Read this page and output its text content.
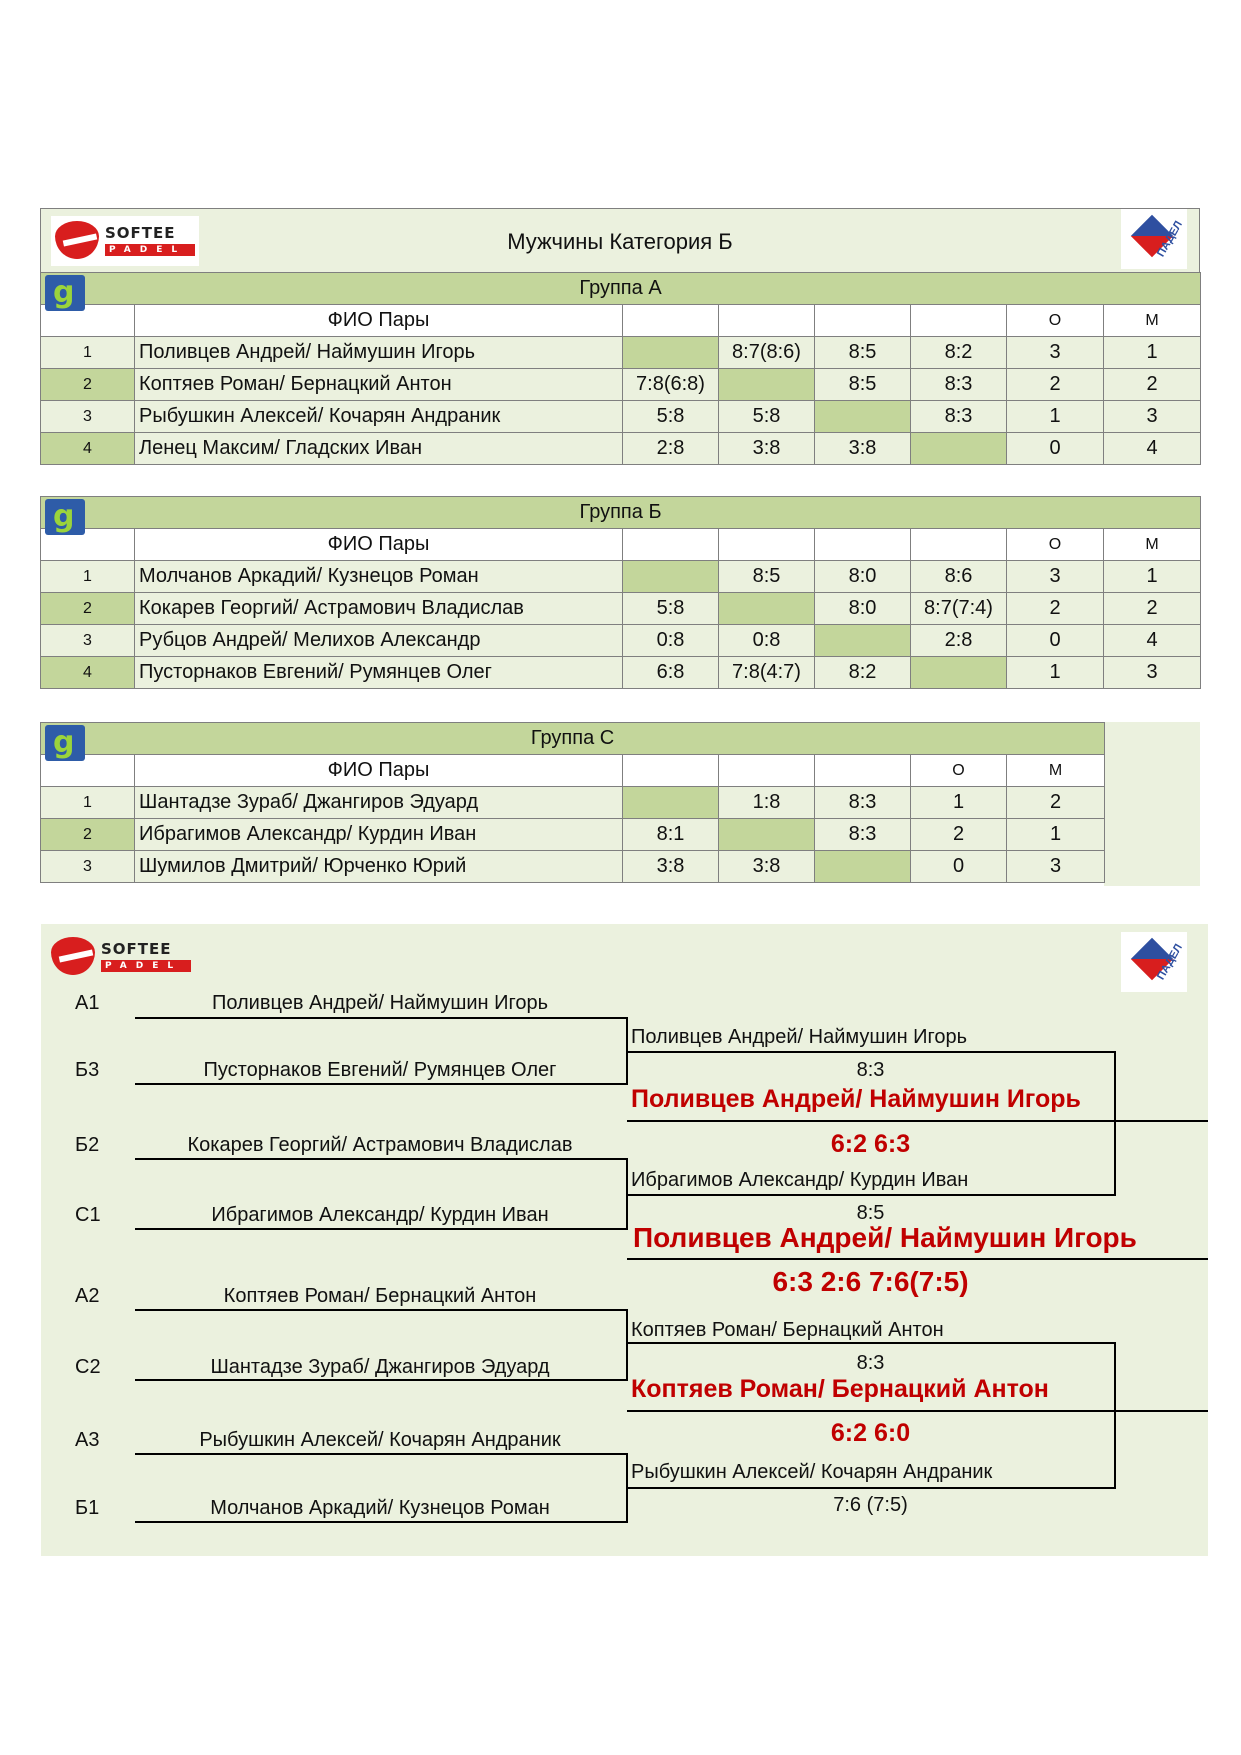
SOFTEE
PADEL	Мужчины Категория Б	ПАДЕЛ
Группа А							
	ФИО Пары					О	М
1	Поливцев Андрей/ Наймушин Игорь		8:7(8:6)	8:5	8:2	3	1
2	Коптяев Роман/ Бернацкий Антон	7:8(6:8)		8:5	8:3	2	2
3	Рыбушкин Алексей/ Кочарян Андраник	5:8	5:8		8:3	1	3
4	Ленец Максим/ Гладских Иван	2:8	3:8	3:8		0	4
g
Группа Б							
	ФИО Пары					О	М
1	Молчанов Аркадий/ Кузнецов Роман		8:5	8:0	8:6	3	1
2	Кокарев Георгий/ Астрамович Владислав	5:8		8:0	8:7(7:4)	2	2
3	Рубцов Андрей/ Мелихов Александр	0:8	0:8		2:8	0	4
4	Пусторнаков Евгений/ Румянцев Олег	6:8	7:8(4:7)	8:2		1	3
g
Группа С						
	ФИО Пары				О	М
1	Шантадзе Зураб/ Джангиров Эдуард		1:8	8:3	1	2
2	Ибрагимов Александр/ Курдин Иван	8:1		8:3	2	1
3	Шумилов Дмитрий/ Юрченко Юрий	3:8	3:8		0	3
g
SOFTEE
PADEL	ПАДЕЛ
А1
Б3
Б2
С1
А2
С2
А3
Б1
Поливцев Андрей/ Наймушин Игорь
Пусторнаков Евгений/ Румянцев Олег
Кокарев Георгий/ Астрамович Владислав
Ибрагимов Александр/ Курдин Иван
Коптяев Роман/ Бернацкий Антон
Шантадзе Зураб/ Джангиров Эдуард
Рыбушкин Алексей/ Кочарян Андраник
Молчанов Аркадий/ Кузнецов Роман
Поливцев Андрей/ Наймушин Игорь
8:3
Ибрагимов Александр/ Курдин Иван
8:5
Коптяев Роман/ Бернацкий Антон
8:3
Рыбушкин Алексей/ Кочарян Андраник
7:6 (7:5)
Поливцев Андрей/ Наймушин Игорь
6:2 6:3
Коптяев Роман/ Бернацкий Антон
6:2 6:0
Поливцев Андрей/ Наймушин Игорь
6:3 2:6 7:6(7:5)
